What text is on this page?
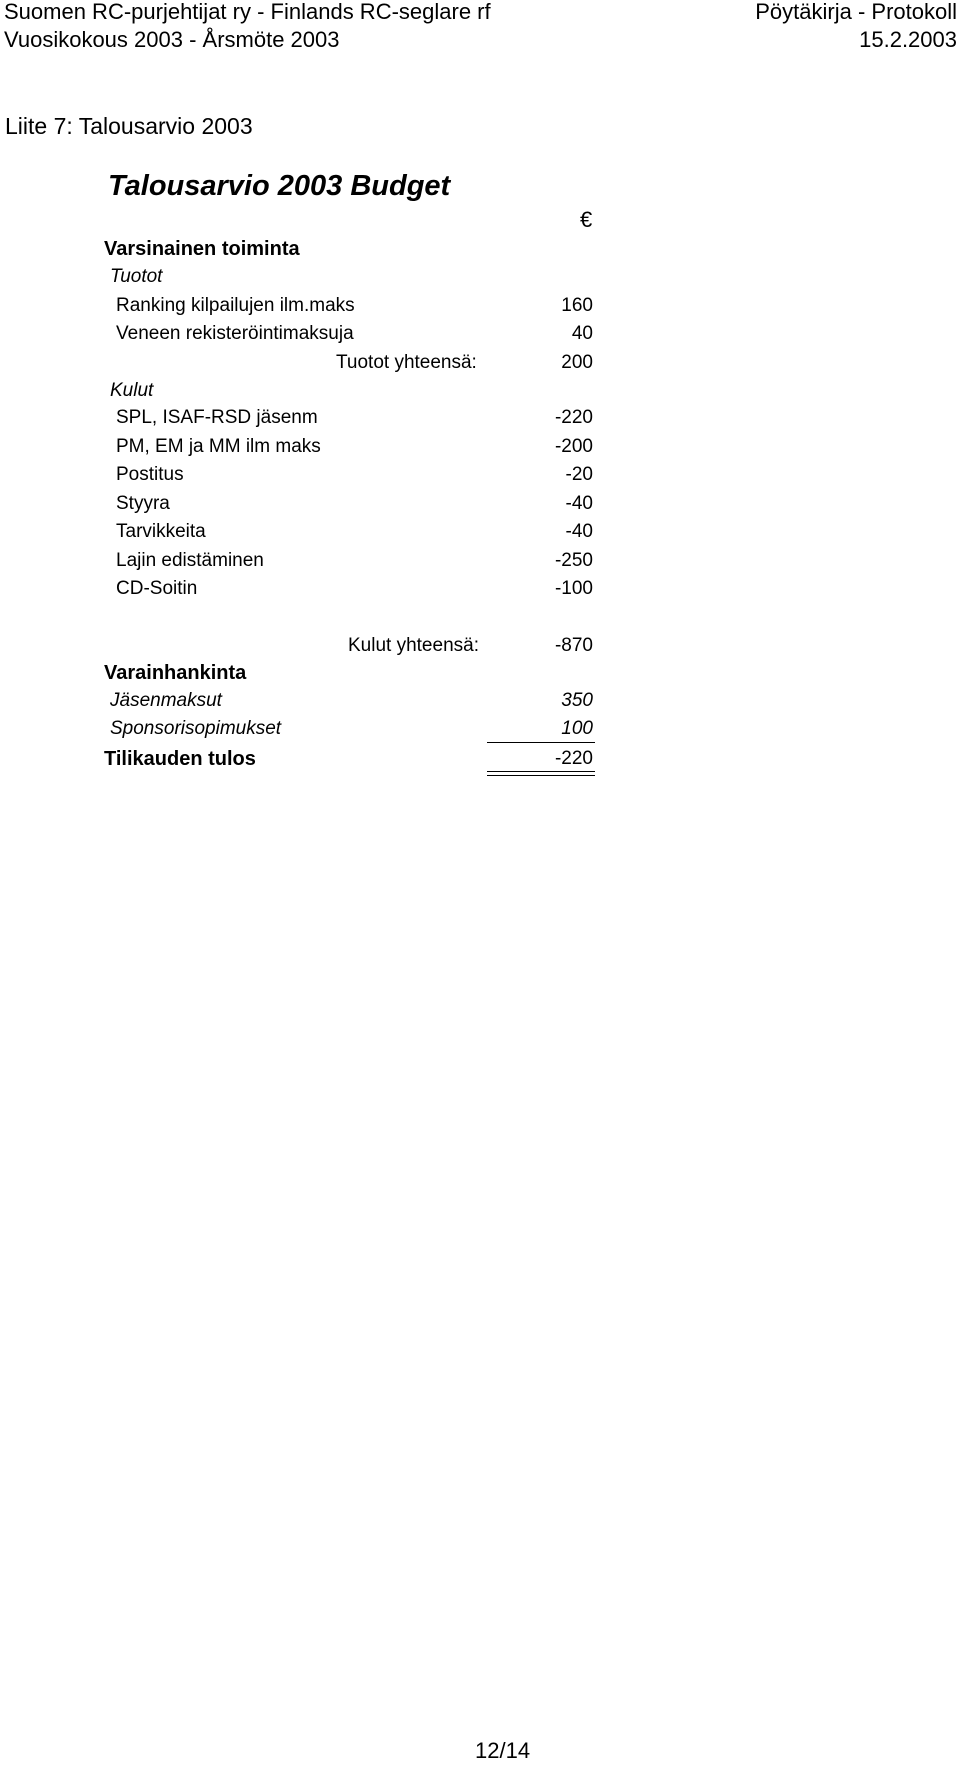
Suomen RC-purjehtijat ry - Finlands RC-seglare rf	Pöytäkirja - Protokoll
Vuosikokous 2003 - Årsmöte 2003	15.2.2003
Liite 7: Talousarvio 2003
Talousarvio 2003 Budget
€
Varsinainen toiminta
Tuotot
Ranking kilpailujen ilm.maks	160
Veneen rekisteröintimaksuja	40
Tuotot yhteensä:	200
Kulut
SPL, ISAF-RSD jäsenm	-220
PM, EM ja MM ilm maks	-200
Postitus	-20
Styyra	-40
Tarvikkeita	-40
Lajin edistäminen	-250
CD-Soitin	-100
Kulut yhteensä:	-870
Varainhankinta
Jäsenmaksut	350
Sponsorisopimukset	100
Tilikauden tulos	-220
12/14
